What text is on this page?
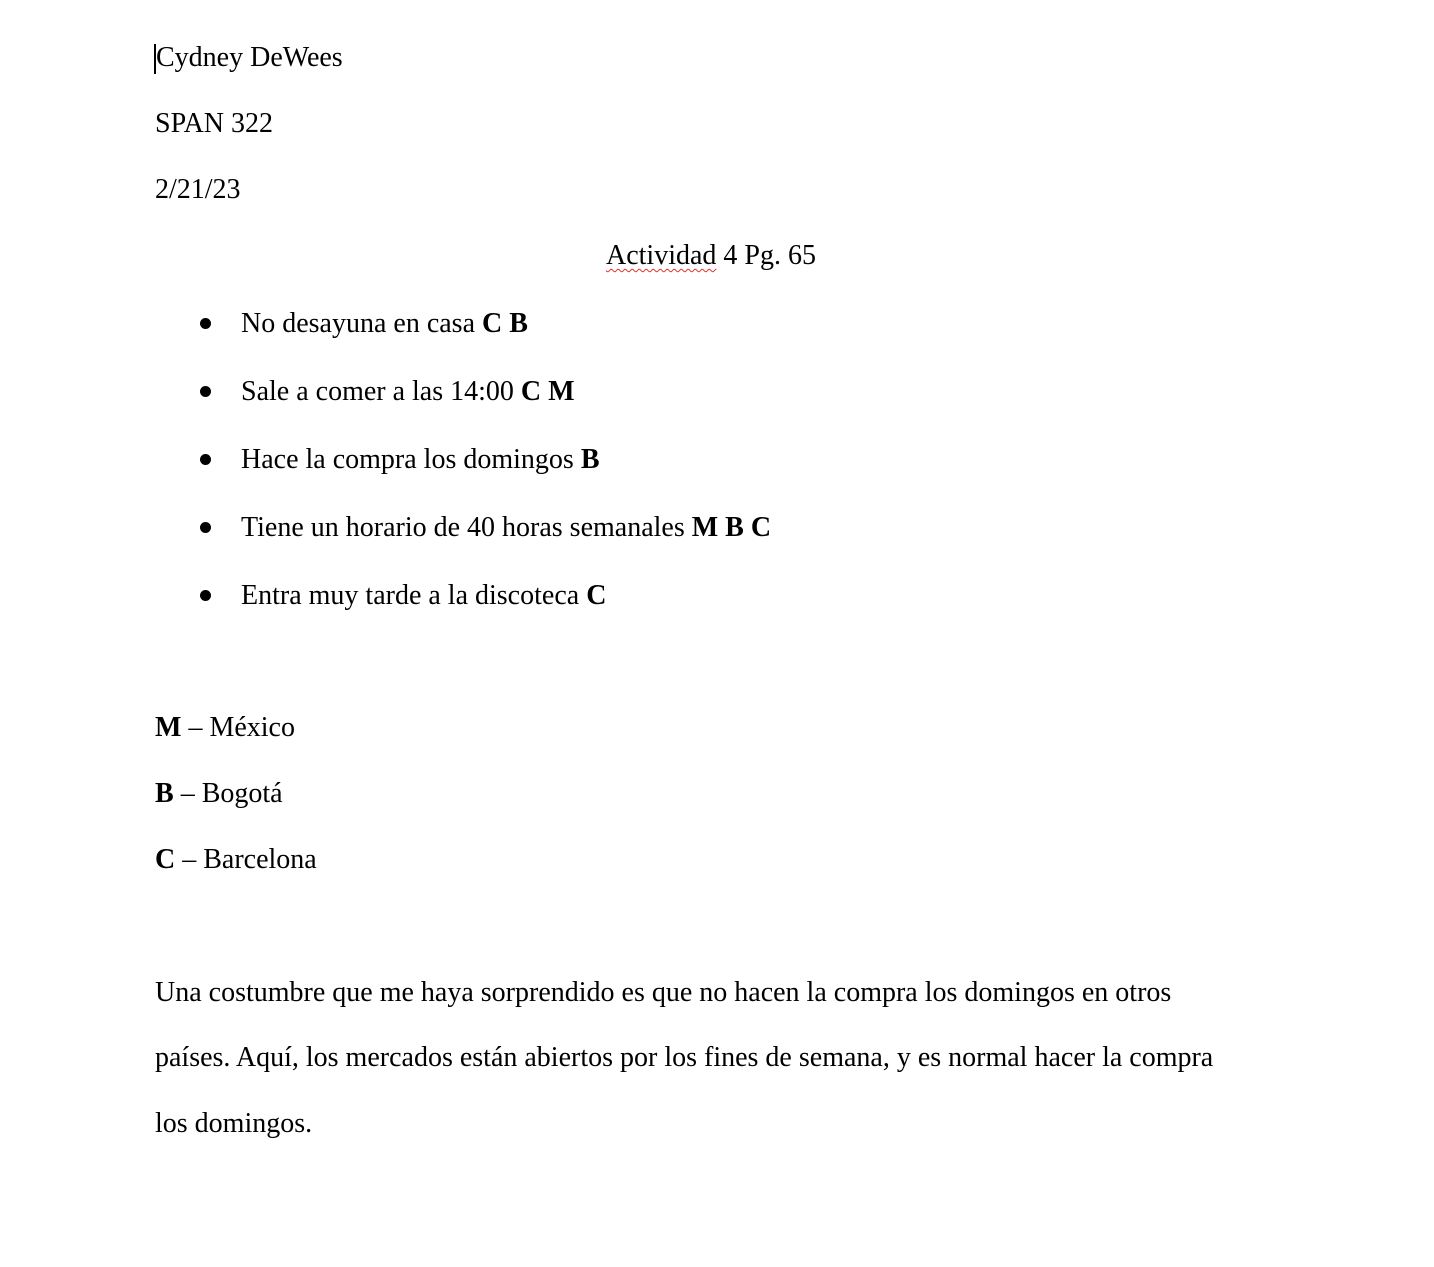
Cydney DeWees
SPAN 322
2/21/23
Actividad 4 Pg. 65
No desayuna en casa C B
Sale a comer a las 14:00 C M
Hace la compra los domingos B
Tiene un horario de 40 horas semanales M B C
Entra muy tarde a la discoteca C
M – México
B – Bogotá
C – Barcelona
Una costumbre que me haya sorprendido es que no hacen la compra los domingos en otros
países. Aquí, los mercados están abiertos por los fines de semana, y es normal hacer la compra
los domingos.
